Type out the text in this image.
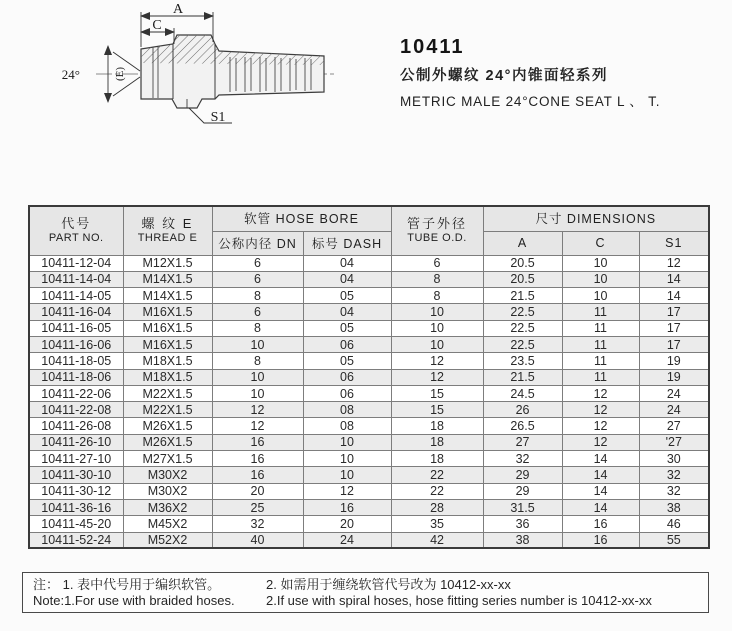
A
C
24°	(E)
S1
10411
公制外螺纹 24°内锥面轻系列
METRIC MALE 24°CONE SEAT L 、 T.
代号
PART NO.	螺 纹 E
THREAD E	软管 HOSE BORE		管子外径
TUBE O.D.	尺寸 DIMENSIONS		
		公称内径 DN	标号 DASH		A	C	S1
10411-12-04	M12X1.5	6	04	6	20.5	10	12
10411-14-04	M14X1.5	6	04	8	20.5	10	14
10411-14-05	M14X1.5	8	05	8	21.5	10	14
10411-16-04	M16X1.5	6	04	10	22.5	11	17
10411-16-05	M16X1.5	8	05	10	22.5	11	17
10411-16-06	M16X1.5	10	06	10	22.5	11	17
10411-18-05	M18X1.5	8	05	12	23.5	11	19
10411-18-06	M18X1.5	10	06	12	21.5	11	19
10411-22-06	M22X1.5	10	06	15	24.5	12	24
10411-22-08	M22X1.5	12	08	15	26	12	24
10411-26-08	M26X1.5	12	08	18	26.5	12	27
10411-26-10	M26X1.5	16	10	18	27	12	'27
10411-27-10	M27X1.5	16	10	18	32	14	30
10411-30-10	M30X2	16	10	22	29	14	32
10411-30-12	M30X2	20	12	22	29	14	32
10411-36-16	M36X2	25	16	28	31.5	14	38
10411-45-20	M45X2	32	20	35	36	16	46
10411-52-24	M52X2	40	24	42	38	16	55
注： 1. 表中代号用于编织软管。	2. 如需用于缠绕软管代号改为 10412-xx-xx
Note:1.For use with braided hoses.	2.If use with spiral hoses, hose fitting series number is 10412-xx-xx
